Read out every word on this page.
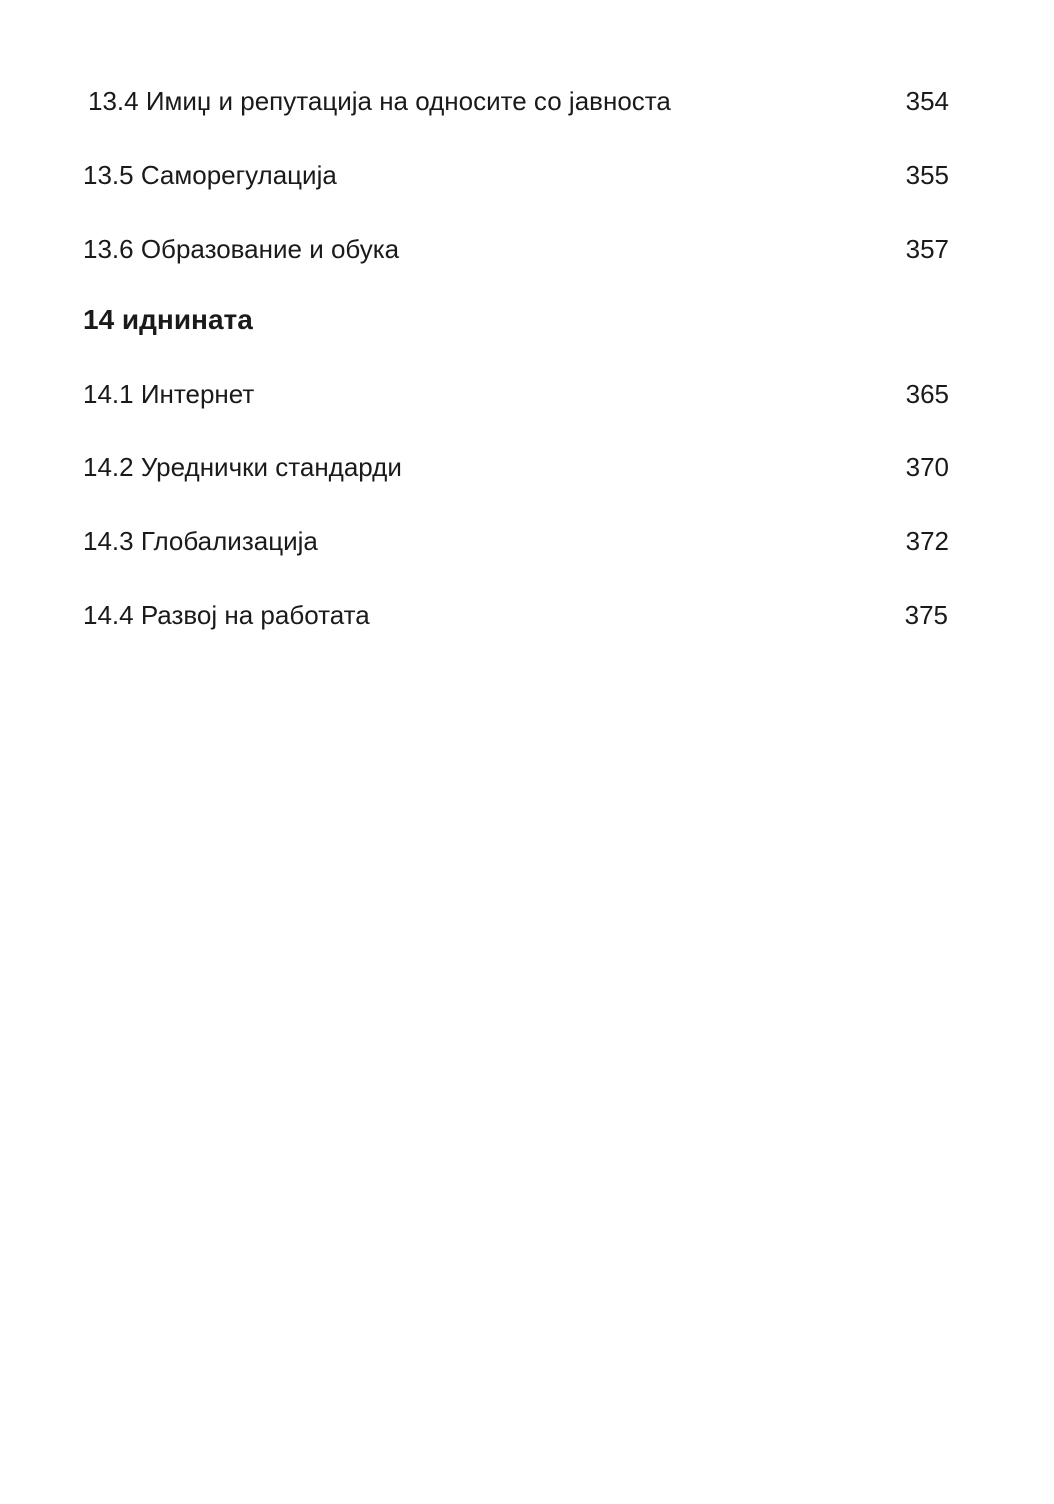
13.4 Имиџ и репутација на односите со јавноста	354
13.5 Саморегулација	355
13.6 Образование и обука	357
14 иднината
14.1 Интернет	365
14.2 Уреднички стандарди	370
14.3 Глобализација	372
14.4 Развој на работата	375
